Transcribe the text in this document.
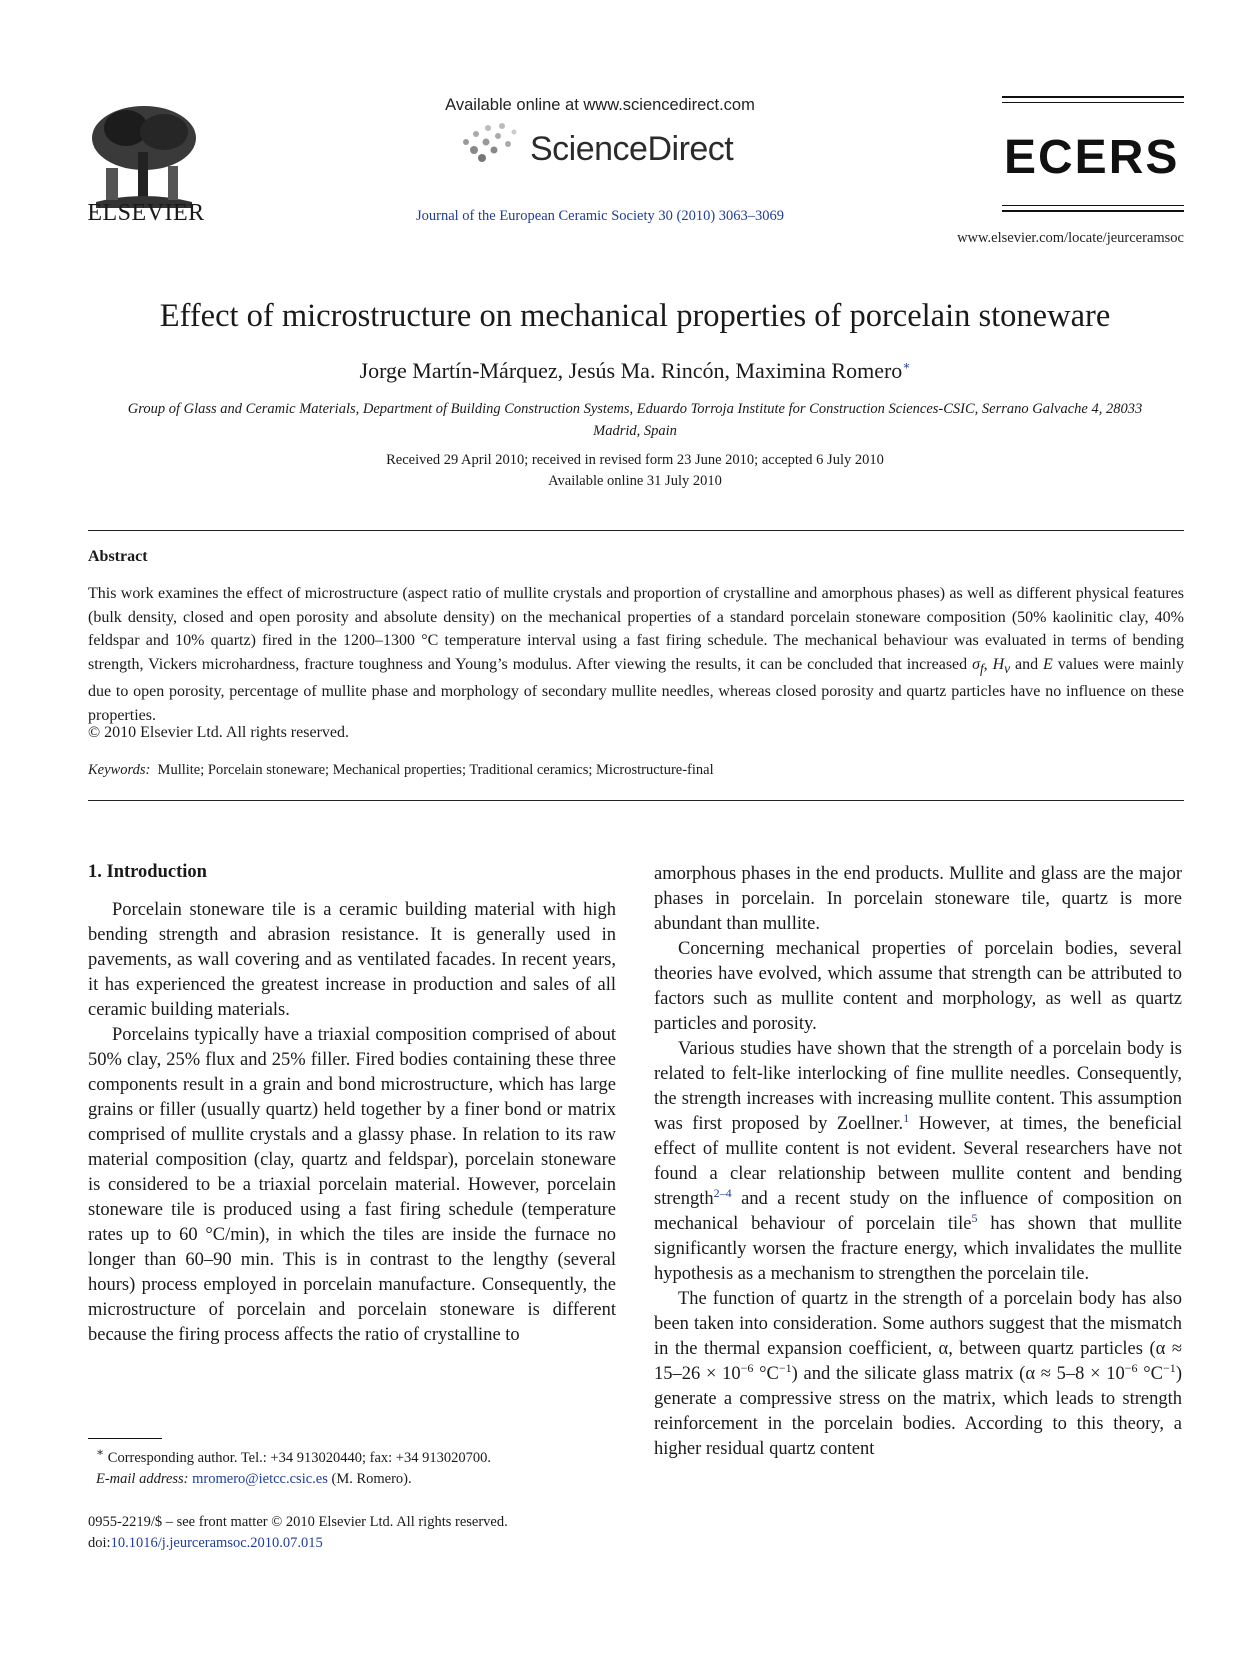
ELSEVIER
Available online at www.sciencedirect.com
ScienceDirect
Journal of the European Ceramic Society 30 (2010) 3063–3069
ECERS
www.elsevier.com/locate/jeurceramsoc
Effect of microstructure on mechanical properties of porcelain stoneware
Jorge Martín-Márquez, Jesús Ma. Rincón, Maximina Romero∗
Group of Glass and Ceramic Materials, Department of Building Construction Systems, Eduardo Torroja Institute for Construction Sciences-CSIC, Serrano Galvache 4, 28033 Madrid, Spain
Received 29 April 2010; received in revised form 23 June 2010; accepted 6 July 2010
Available online 31 July 2010
Abstract
This work examines the effect of microstructure (aspect ratio of mullite crystals and proportion of crystalline and amorphous phases) as well as different physical features (bulk density, closed and open porosity and absolute density) on the mechanical properties of a standard porcelain stoneware composition (50% kaolinitic clay, 40% feldspar and 10% quartz) fired in the 1200–1300 °C temperature interval using a fast firing schedule. The mechanical behaviour was evaluated in terms of bending strength, Vickers microhardness, fracture toughness and Young’s modulus. After viewing the results, it can be concluded that increased $\sigma_f$, $H_v$ and E values were mainly due to open porosity, percentage of mullite phase and morphology of secondary mullite needles, whereas closed porosity and quartz particles have no influence on these properties.
© 2010 Elsevier Ltd. All rights reserved.
Keywords: Mullite; Porcelain stoneware; Mechanical properties; Traditional ceramics; Microstructure-final
1. Introduction

Porcelain stoneware tile is a ceramic building material with high bending strength and abrasion resistance. It is generally used in pavements, as wall covering and as ventilated facades. In recent years, it has experienced the greatest increase in production and sales of all ceramic building materials.

Porcelains typically have a triaxial composition comprised of about 50% clay, 25% flux and 25% filler. Fired bodies containing these three components result in a grain and bond microstructure, which has large grains or filler (usually quartz) held together by a finer bond or matrix comprised of mullite crystals and a glassy phase. In relation to its raw material composition (clay, quartz and feldspar), porcelain stoneware is considered to be a triaxial porcelain material. However, porcelain stoneware tile is produced using a fast firing schedule (temperature rates up to 60 °C/min), in which the tiles are inside the furnace no longer than 60–90 min. This is in contrast to the lengthy (several hours) process employed in porcelain manufacture. Consequently, the microstructure of porcelain and porcelain stoneware is different because the firing process affects the ratio of crystalline to

amorphous phases in the end products. Mullite and glass are the major phases in porcelain. In porcelain stoneware tile, quartz is more abundant than mullite.

Concerning mechanical properties of porcelain bodies, several theories have evolved, which assume that strength can be attributed to factors such as mullite content and morphology, as well as quartz particles and porosity.

Various studies have shown that the strength of a porcelain body is related to felt-like interlocking of fine mullite needles. Consequently, the strength increases with increasing mullite content. This assumption was first proposed by Zoellner.$^1$ However, at times, the beneficial effect of mullite content is not evident. Several researchers have not found a clear relationship between mullite content and bending strength$^{2-4}$ and a recent study on the influence of composition on mechanical behaviour of porcelain tile$^5$ has shown that mullite significantly worsen the fracture energy, which invalidates the mullite hypothesis as a mechanism to strengthen the porcelain tile.

The function of quartz in the strength of a porcelain body has also been taken into consideration. Some authors suggest that the mismatch in the thermal expansion coefficient, α, between quartz particles ($\alpha \approx 15-26 \times 10^{-6}$ $^\circ C^{-1}$) and the silicate glass matrix ($\alpha \approx 5-8 \times 10^{-6}$ $^\circ C^{-1}$) generate a compressive stress on the matrix, which leads to strength reinforcement in the porcelain bodies. According to this theory, a higher residual quartz content

∗ Corresponding author. Tel.: +34 913020440; fax: +34 913020700.
E-mail address: mromero@ietcc.csic.es (M. Romero).
0955-2219/$ – see front matter © 2010 Elsevier Ltd. All rights reserved.
doi:10.1016/j.jeurceramsoc.2010.07.015
